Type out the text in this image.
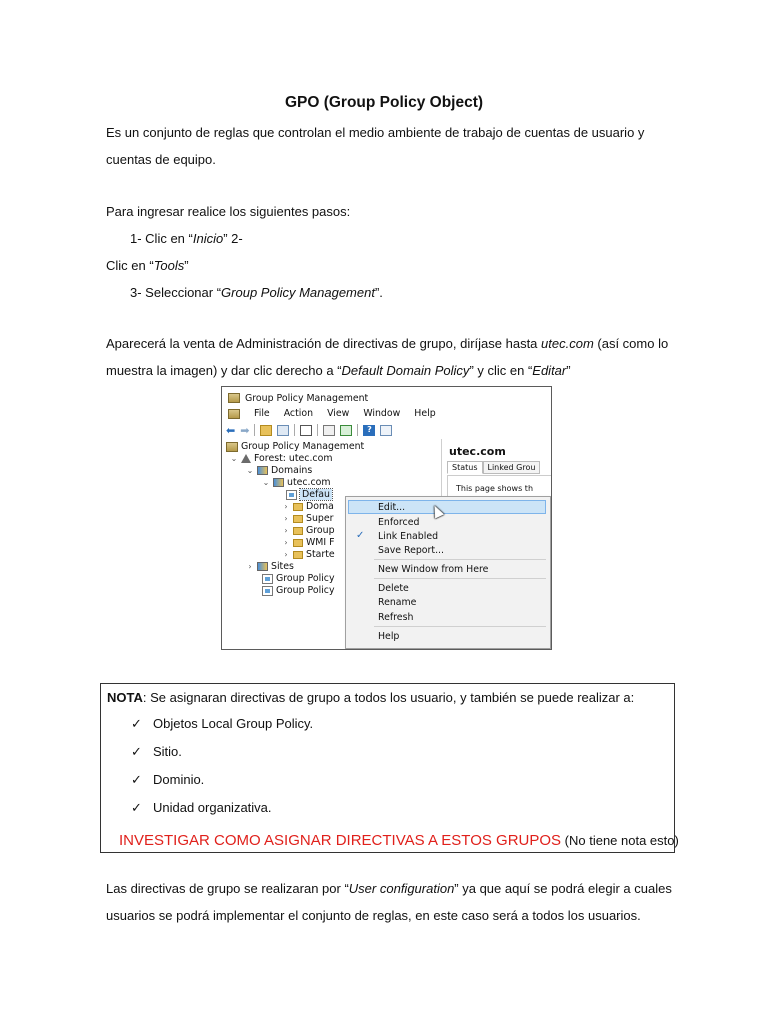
GPO (Group Policy Object)
Es un conjunto de reglas que controlan el medio ambiente de trabajo de cuentas de usuario y
cuentas de equipo.
Para ingresar realice los siguientes pasos:
1- Clic en “Inicio” 2-
Clic en “Tools”
3- Seleccionar “Group Policy Management”.
Aparecerá la venta de Administración de directivas de grupo, diríjase hasta utec.com (así como lo
muestra la imagen) y dar clic derecho a “Default Domain Policy” y clic en “Editar”
Group Policy Management
File Action View Window Help
⬅ ➡	?
Group Policy Management
⌄ Forest: utec.com
⌄ Domains
⌄ utec.com
Defau
› Doma
› Super
› Group
› WMI F
› Starte
› Sites
Group Policy
Group Policy
utec.com
Status	Linked Grou
This page shows th
Edit...
Enforced
✓ Link Enabled
Save Report...
New Window from Here
Delete
Rename
Refresh
Help
NOTA: Se asignaran directivas de grupo a todos los usuario, y también se puede realizar a:
✓ Objetos Local Group Policy.
✓ Sitio.
✓ Dominio.
✓ Unidad organizativa.
INVESTIGAR COMO ASIGNAR DIRECTIVAS A ESTOS GRUPOS (No tiene nota esto)
Las directivas de grupo se realizaran por “User configuration” ya que aquí se podrá elegir a cuales
usuarios se podrá implementar el conjunto de reglas, en este caso será a todos los usuarios.
